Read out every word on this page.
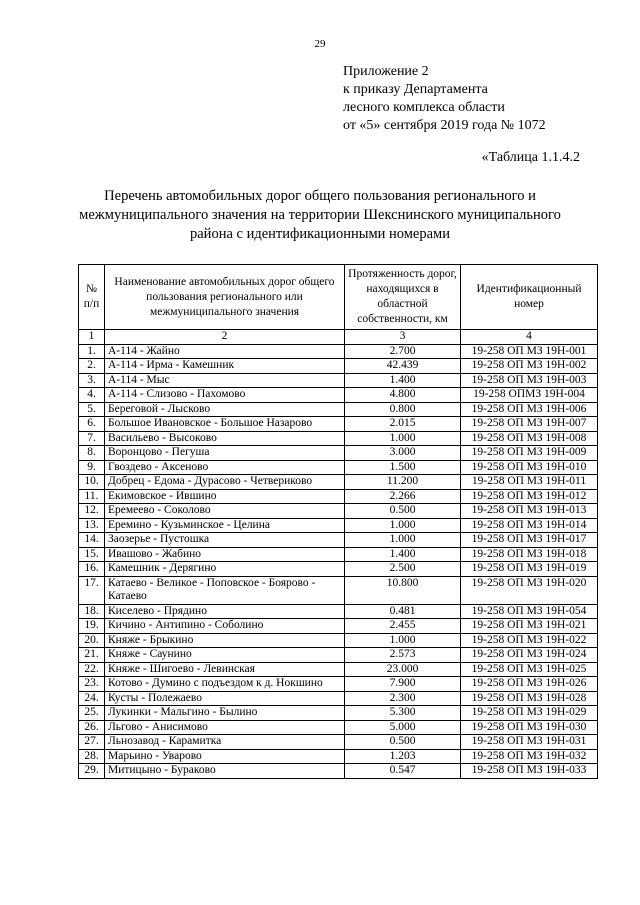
29
Приложение 2
к приказу Департамента
лесного комплекса области
от «5» сентября 2019 года № 1072
«Таблица 1.1.4.2
Перечень автомобильных дорог общего пользования регионального и
межмуниципального значения на территории Шекснинского муниципального
района с идентификационными номерами
№ п/п	Наименование автомобильных дорог общего пользования регионального или межмуниципального значения	Протяженность дорог, находящихся в областной собственности, км	Идентификационный номер
1	2	3	4
1.	А-114 - Жайно	2.700	19-258 ОП МЗ 19Н-001
2.	А-114 - Ирма - Камешник	42.439	19-258 ОП МЗ 19Н-002
3.	А-114 - Мыс	1.400	19-258 ОП МЗ 19Н-003
4.	А-114 - Слизово - Пахомово	4.800	19-258 ОПМЗ 19Н-004
5.	Береговой - Лысково	0.800	19-258 ОП МЗ 19Н-006
6.	Большое Ивановское - Большое Назарово	2.015	19-258 ОП МЗ 19Н-007
7.	Васильево - Высоково	1.000	19-258 ОП МЗ 19Н-008
8.	Воронцово - Пегуша	3.000	19-258 ОП МЗ 19Н-009
9.	Гвоздево - Аксеново	1.500	19-258 ОП МЗ 19Н-010
10.	Добрец - Едома - Дурасово - Четвериково	11.200	19-258 ОП МЗ 19Н-011
11.	Екимовское - Ившино	2.266	19-258 ОП МЗ 19Н-012
12.	Еремеево - Соколово	0.500	19-258 ОП МЗ 19Н-013
13.	Еремино - Кузьминское - Целина	1.000	19-258 ОП МЗ 19Н-014
14.	Заозерье - Пустошка	1.000	19-258 ОП МЗ 19Н-017
15.	Ивашово - Жабино	1.400	19-258 ОП МЗ 19Н-018
16.	Камешник - Дерягино	2.500	19-258 ОП МЗ 19Н-019
17.	Катаево - Великое - Поповское - Боярово - Катаево	10.800	19-258 ОП МЗ 19Н-020
18.	Киселево - Прядино	0.481	19-258 ОП МЗ 19Н-054
19.	Кичино - Антипино - Соболино	2.455	19-258 ОП МЗ 19Н-021
20.	Княже - Брыкино	1.000	19-258 ОП МЗ 19Н-022
21.	Княже - Саунино	2.573	19-258 ОП МЗ 19Н-024
22.	Княже - Шигоево - Левинская	23.000	19-258 ОП МЗ 19Н-025
23.	Котово - Думино с подъездом к д. Нокшино	7.900	19-258 ОП МЗ 19Н-026
24.	Кусты - Полежаево	2.300	19-258 ОП МЗ 19Н-028
25.	Лукинки - Мальгино - Былино	5.300	19-258 ОП МЗ 19Н-029
26.	Льгово - Анисимово	5.000	19-258 ОП МЗ 19Н-030
27.	Льнозавод - Карамитка	0.500	19-258 ОП МЗ 19Н-031
28.	Марьино - Уварово	1.203	19-258 ОП МЗ 19Н-032
29.	Митицыно - Бураково	0.547	19-258 ОП МЗ 19Н-033
